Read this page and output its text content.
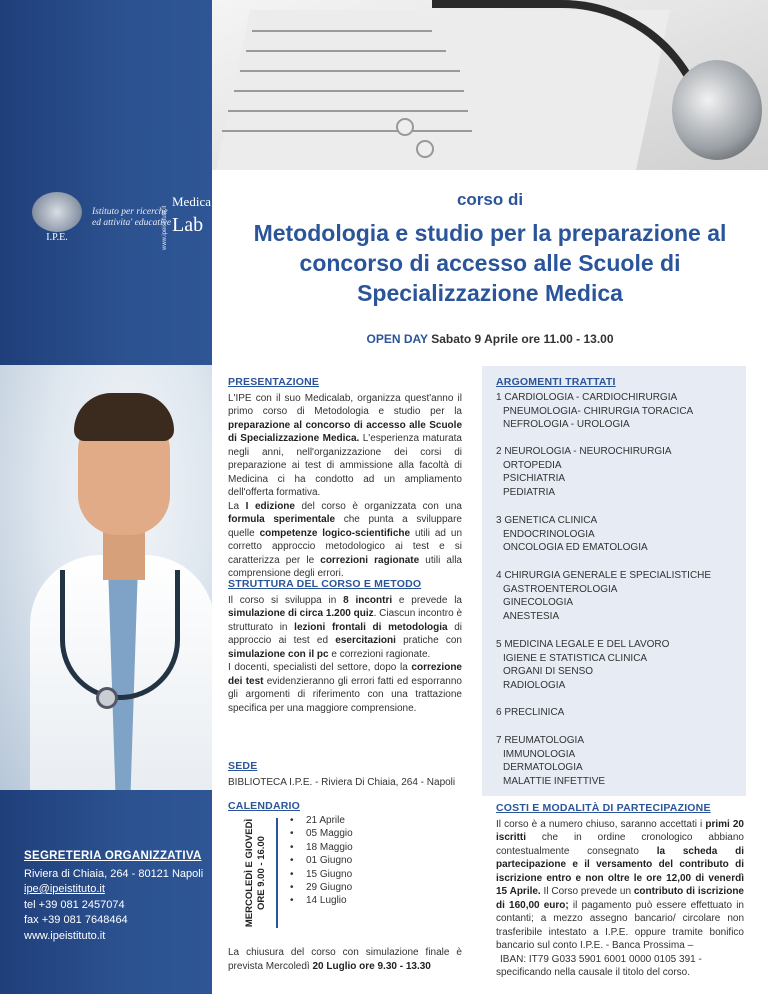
I.P.E.
Istituto per ricerche
ed attivita' educative
Medica
Lab
www.ipeistituto.it
SEGRETERIA ORGANIZZATIVA
Riviera di Chiaia, 264 - 80121 Napoli
ipe@ipeistituto.it
tel +39 081 2457074
fax +39 081 7648464
www.ipeistituto.it
corso di
Metodologia e studio per la preparazione al
concorso di accesso alle Scuole di
Specializzazione Medica
OPEN DAY Sabato 9 Aprile ore 11.00 - 13.00
PRESENTAZIONE
L'IPE con il suo Medicalab, organizza quest'anno il primo corso di Metodologia e studio per la preparazione al concorso di accesso alle Scuole di Specializzazione Medica. L'esperienza maturata negli anni, nell'organizzazione dei corsi di preparazione ai test di ammissione alla facoltà di Medicina ci ha condotto ad un ampliamento dell'offerta formativa.
La I edizione del corso è organizzata con una formula sperimentale che punta a sviluppare quelle competenze logico-scientifiche utili ad un corretto approccio metodologico ai test e si caratterizza per le correzioni ragionate utili alla comprensione degli errori.
STRUTTURA DEL CORSO E METODO
Il corso si sviluppa in 8 incontri e prevede la simulazione di circa 1.200 quiz. Ciascun incontro è strutturato in lezioni frontali di metodologia di approccio ai test ed esercitazioni pratiche con simulazione con il pc e correzioni ragionate.
I docenti, specialisti del settore, dopo la correzione dei test evidenzieranno gli errori fatti ed esporranno gli argomenti di riferimento con una trattazione specifica per una maggiore comprensione.
SEDE
BIBLIOTECA I.P.E. - Riviera Di Chiaia, 264 - Napoli
CALENDARIO
MERCOLEDÌ E GIOVEDÌ ORE 9.00 - 16.00
• 21 Aprile
• 05 Maggio
• 18 Maggio
• 01 Giugno
• 15 Giugno
• 29 Giugno
• 14 Luglio
La chiusura del corso con simulazione finale è prevista Mercoledì 20 Luglio ore 9.30 - 13.30
ARGOMENTI TRATTATI
1 CARDIOLOGIA - CARDIOCHIRURGIA
PNEUMOLOGIA- CHIRURGIA TORACICA
NEFROLOGIA - UROLOGIA
2 NEUROLOGIA - NEUROCHIRURGIA
ORTOPEDIA
PSICHIATRIA
PEDIATRIA
3 GENETICA CLINICA
ENDOCRINOLOGIA
ONCOLOGIA ED EMATOLOGIA
4 CHIRURGIA GENERALE E SPECIALISTICHE
GASTROENTEROLOGIA
GINECOLOGIA
ANESTESIA
5 MEDICINA LEGALE E DEL LAVORO
IGIENE E STATISTICA CLINICA
ORGANI DI SENSO
RADIOLOGIA
6 PRECLINICA
7 REUMATOLOGIA
IMMUNOLOGIA
DERMATOLOGIA
MALATTIE INFETTIVE
COSTI E MODALITÀ DI PARTECIPAZIONE
Il corso è a numero chiuso, saranno accettati i primi 20 iscritti che in ordine cronologico abbiano contestualmente consegnato la scheda di partecipazione e il versamento del contributo di iscrizione entro e non oltre le ore 12,00 di venerdì 15 Aprile. Il Corso prevede un contributo di iscrizione di 160,00 euro; il pagamento può essere effettuato in contanti; a mezzo assegno bancario/ circolare non trasferibile intestato a I.P.E. oppure tramite bonifico bancario sul conto I.P.E. - Banca Prossima –
IBAN: IT79 G033 5901 6001 0000 0105 391 -
specificando nella causale il titolo del corso.
